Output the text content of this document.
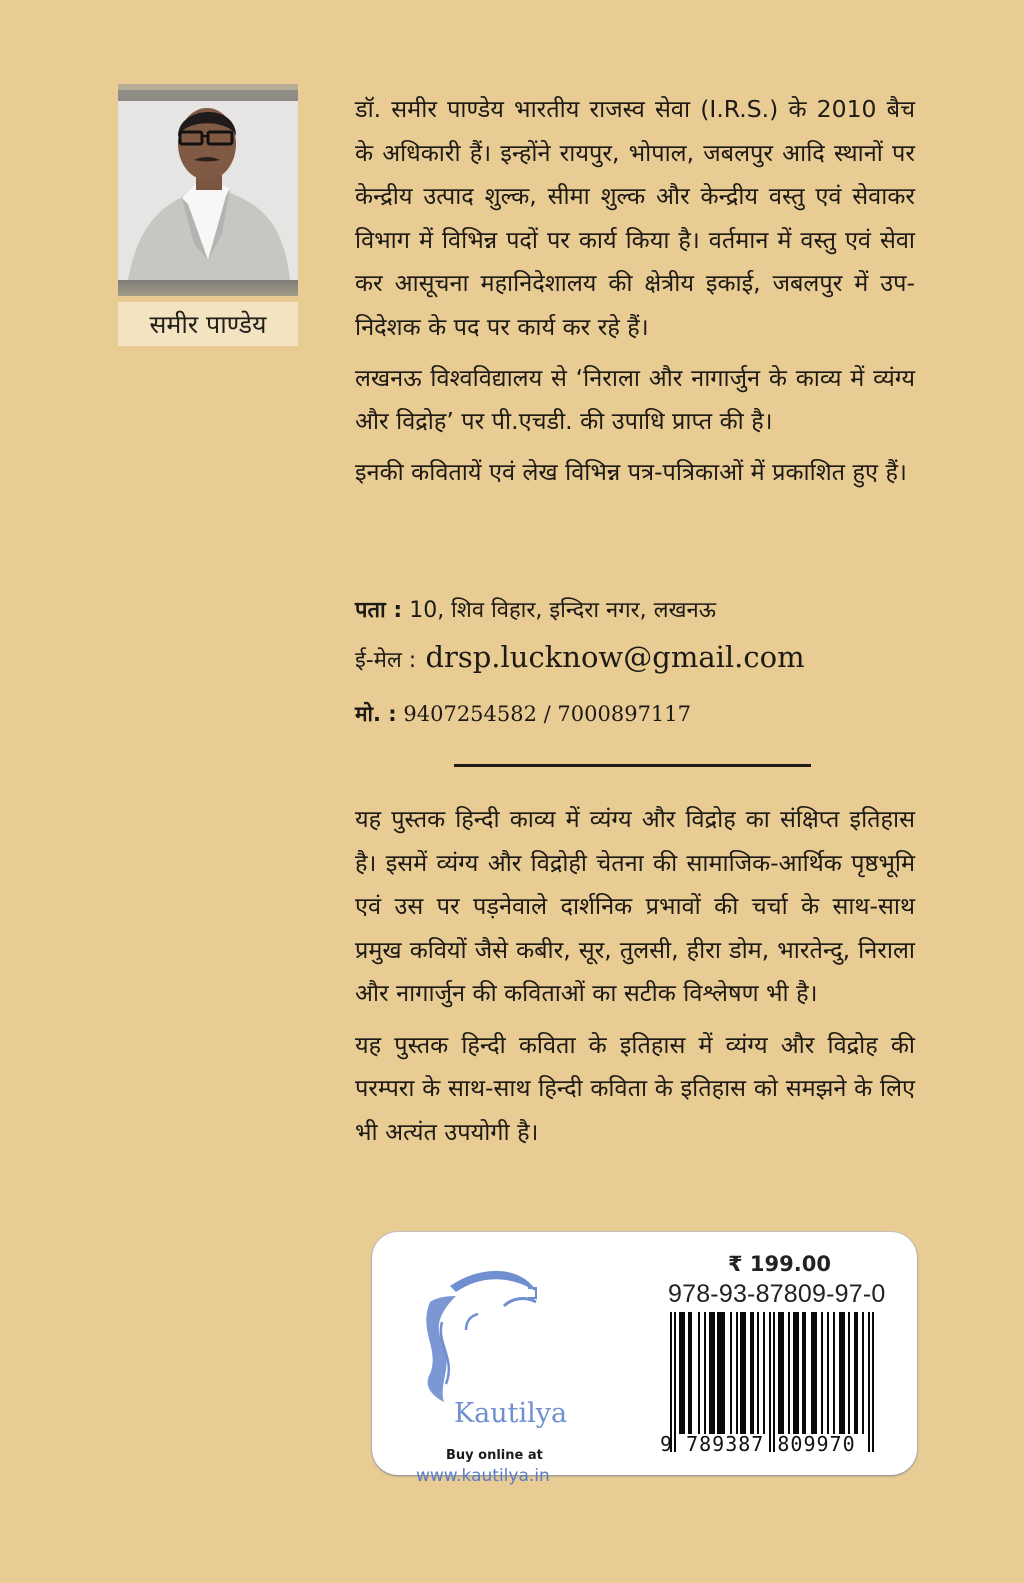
समीर पाण्डेय

डॉ. समीर पाण्डेय भारतीय राजस्व सेवा (I.R.S.) के 2010 बैच के अधिकारी हैं। इन्होंने रायपुर, भोपाल, जबलपुर आदि स्थानों पर केन्द्रीय उत्पाद शुल्क, सीमा शुल्क और केन्द्रीय वस्तु एवं सेवाकर विभाग में विभिन्न पदों पर कार्य किया है। वर्तमान में वस्तु एवं सेवा कर आसूचना महानिदेशालय की क्षेत्रीय इकाई, जबलपुर में उप-निदेशक के पद पर कार्य कर रहे हैं।

लखनऊ विश्वविद्यालय से ‘निराला और नागार्जुन के काव्य में व्यंग्य और विद्रोह’ पर पी.एचडी. की उपाधि प्राप्त की है।

इनकी कवितायें एवं लेख विभिन्न पत्र-पत्रिकाओं में प्रकाशित हुए हैं।

पता : 10, शिव विहार, इन्दिरा नगर, लखनऊ
ई-मेल : drsp.lucknow@gmail.com
मो. : 9407254582 / 7000897117

यह पुस्तक हिन्दी काव्य में व्यंग्य और विद्रोह का संक्षिप्त इतिहास है। इसमें व्यंग्य और विद्रोही चेतना की सामाजिक-आर्थिक पृष्ठभूमि एवं उस पर पड़नेवाले दार्शनिक प्रभावों की चर्चा के साथ-साथ प्रमुख कवियों जैसे कबीर, सूर, तुलसी, हीरा डोम, भारतेन्दु, निराला और नागार्जुन की कविताओं का सटीक विश्लेषण भी है।

यह पुस्तक हिन्दी कविता के इतिहास में व्यंग्य और विद्रोह की परम्परा के साथ-साथ हिन्दी कविता के इतिहास को समझने के लिए भी अत्यंत उपयोगी है।

Kautilya
Buy online at
www.kautilya.in
₹ 199.00
978-93-87809-97-0
9 789387 809970
